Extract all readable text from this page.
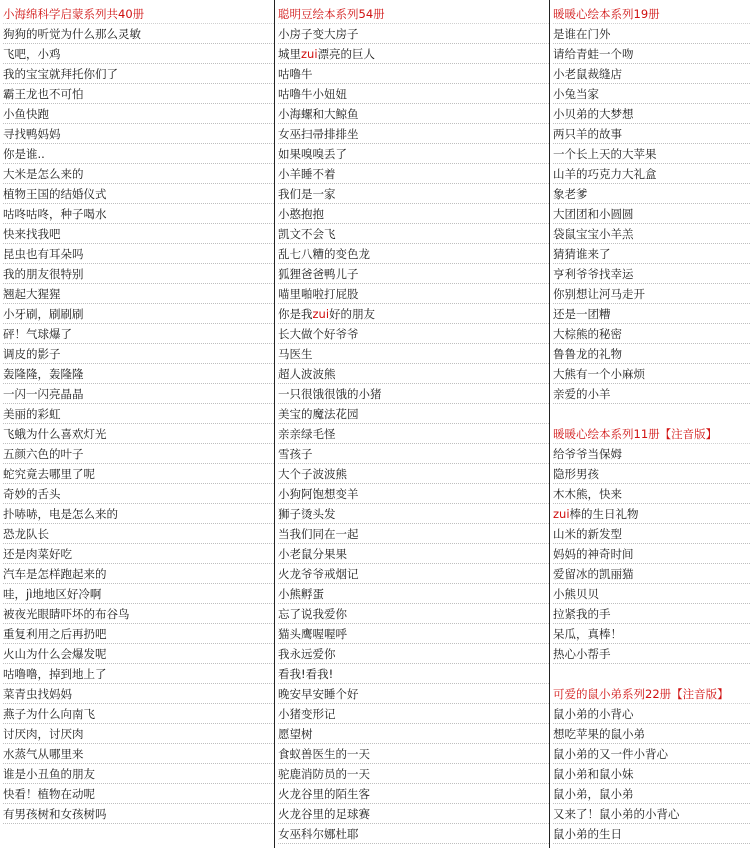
小海绵科学启蒙系列共40册
狗狗的听觉为什么那么灵敏
飞吧，小鸡
我的宝宝就拜托你们了
霸王龙也不可怕
小鱼快跑
寻找鸭妈妈
你是谁..
大米是怎么来的
植物王国的结婚仪式
咕咚咕咚，种子喝水
快来找我吧
昆虫也有耳朵吗
我的朋友很特别
翘起大猩猩
小牙刷，刷刷刷
砰！气球爆了
调皮的影子
轰隆隆，轰隆隆
一闪一闪亮晶晶
美丽的彩虹
飞蛾为什么喜欢灯光
五颜六色的叶子
蛇究竟去哪里了呢
奇妙的舌头
扑哧哧，电是怎么来的
恐龙队长
还是肉菜好吃
汽车是怎样跑起来的
哇，jì地地区好冷啊
被夜光眼睛吓坏的布谷鸟
重复利用之后再扔吧
火山为什么会爆发呢
咕噜噜，掉到地上了
菜青虫找妈妈
燕子为什么向南飞
讨厌肉，讨厌肉
水蒸气从哪里来
谁是小丑鱼的朋友
快看！植物在动呢
有男孩树和女孩树吗
聪明豆绘本系列54册
小房子变大房子
城里zui漂亮的巨人
咕噜牛
咕噜牛小妞妞
小海螺和大鲸鱼
女巫扫帚排排坐
如果嗅嗅丢了
小羊睡不着
我们是一家
小憨抱抱
凯文不会飞
乱七八糟的变色龙
狐狸爸爸鸭儿子
喵里啪啦打屁股
你是我zui好的朋友
长大做个好爷爷
马医生
超人波波熊
一只很饿很饿的小猪
美宝的魔法花园
亲亲绿毛怪
雪孩子
大个子波波熊
小狗阿饱想变羊
狮子烫头发
当我们同在一起
小老鼠分果果
火龙爷爷戒烟记
小熊孵蛋
忘了说我爱你
猫头鹰喔喔呼
我永远爱你
看我!看我!
晚安早安睡个好
小猪变形记
愿望树
食蚁兽医生的一天
驼鹿消防员的一天
火龙谷里的陌生客
火龙谷里的足球赛
女巫科尔娜杜耶
暖暖心绘本系列19册
是谁在门外
请给青蛙一个吻
小老鼠裁缝店
小兔当家
小贝弟的大梦想
两只羊的故事
一个长上天的大苹果
山羊的巧克力大礼盒
象老爹
大团团和小圆圆
袋鼠宝宝小羊羔
猜猜谁来了
亨利爷爷找幸运
你别想让河马走开
还是一团糟
大棕熊的秘密
鲁鲁龙的礼物
大熊有一个小麻烦
亲爱的小羊
暖暖心绘本系列11册【注音版】
给爷爷当保姆
隐形男孩
木木熊，快来
zui棒的生日礼物
山米的新发型
妈妈的神奇时间
爱留冰的凯丽猫
小熊贝贝
拉紧我的手
呆瓜，真棒！
热心小帮手
可爱的鼠小弟系列22册【注音版】
鼠小弟的小背心
想吃苹果的鼠小弟
鼠小弟的又一件小背心
鼠小弟和鼠小妹
鼠小弟，鼠小弟
又来了！鼠小弟的小背心
鼠小弟的生日
